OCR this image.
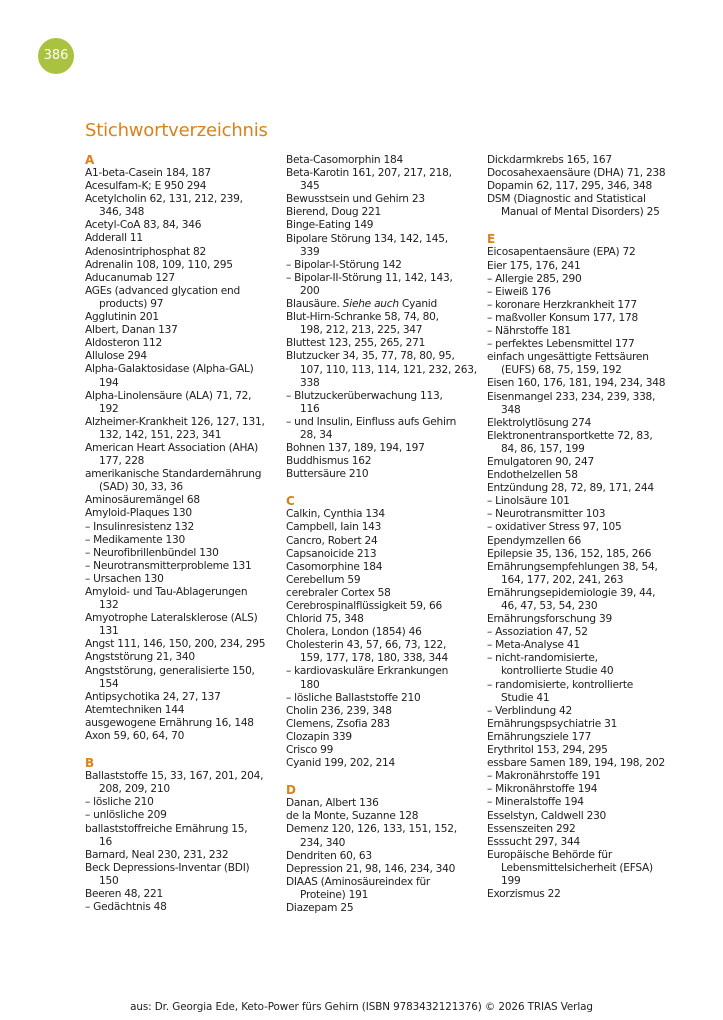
386
Stichwortverzeichnis
A
A1-beta-Casein 184, 187
Acesulfam-K; E 950 294
Acetylcholin 62, 131, 212, 239,
346, 348
Acetyl-CoA 83, 84, 346
Adderall 11
Adenosintriphosphat 82
Adrenalin 108, 109, 110, 295
Aducanumab 127
AGEs (advanced glycation end
products) 97
Agglutinin 201
Albert, Danan 137
Aldosteron 112
Allulose 294
Alpha-Galaktosidase (Alpha-GAL)
194
Alpha-Linolensäure (ALA) 71, 72,
192
Alzheimer-Krankheit 126, 127, 131,
132, 142, 151, 223, 341
American Heart Association (AHA)
177, 228
amerikanische Standardernährung
(SAD) 30, 33, 36
Aminosäuremängel 68
Amyloid-Plaques 130
– Insulinresistenz 132
– Medikamente 130
– Neurofibrillenbündel 130
– Neurotransmitterprobleme 131
– Ursachen 130
Amyloid- und Tau-Ablagerungen
132
Amyotrophe Lateralsklerose (ALS)
131
Angst 111, 146, 150, 200, 234, 295
Angststörung 21, 340
Angststörung, generalisierte 150,
154
Antipsychotika 24, 27, 137
Atemtechniken 144
ausgewogene Ernährung 16, 148
Axon 59, 60, 64, 70
B
Ballaststoffe 15, 33, 167, 201, 204,
208, 209, 210
– lösliche 210
– unlösliche 209
ballaststoffreiche Ernährung 15,
16
Barnard, Neal 230, 231, 232
Beck Depressions-Inventar (BDI)
150
Beeren 48, 221
– Gedächtnis 48
Beta-Casomorphin 184
Beta-Karotin 161, 207, 217, 218,
345
Bewusstsein und Gehirn 23
Bierend, Doug 221
Binge-Eating 149
Bipolare Störung 134, 142, 145,
339
– Bipolar-I-Störung 142
– Bipolar-II-Störung 11, 142, 143,
200
Blausäure. Siehe auch Cyanid
Blut-Hirn-Schranke 58, 74, 80,
198, 212, 213, 225, 347
Bluttest 123, 255, 265, 271
Blutzucker 34, 35, 77, 78, 80, 95,
107, 110, 113, 114, 121, 232, 263,
338
– Blutzuckerüberwachung 113,
116
– und Insulin, Einfluss aufs Gehirn
28, 34
Bohnen 137, 189, 194, 197
Buddhismus 162
Buttersäure 210
C
Calkin, Cynthia 134
Campbell, Iain 143
Cancro, Robert 24
Capsanoicide 213
Casomorphine 184
Cerebellum 59
cerebraler Cortex 58
Cerebrospinalflüssigkeit 59, 66
Chlorid 75, 348
Cholera, London (1854) 46
Cholesterin 43, 57, 66, 73, 122,
159, 177, 178, 180, 338, 344
– kardiovaskuläre Erkrankungen
180
– lösliche Ballaststoffe 210
Cholin 236, 239, 348
Clemens, Zsofia 283
Clozapin 339
Crisco 99
Cyanid 199, 202, 214
D
Danan, Albert 136
de la Monte, Suzanne 128
Demenz 120, 126, 133, 151, 152,
234, 340
Dendriten 60, 63
Depression 21, 98, 146, 234, 340
DIAAS (Aminosäureindex für
Proteine) 191
Diazepam 25
Dickdarmkrebs 165, 167
Docosahexaensäure (DHA) 71, 238
Dopamin 62, 117, 295, 346, 348
DSM (Diagnostic and Statistical
Manual of Mental Disorders) 25
E
Eicosapentaensäure (EPA) 72
Eier 175, 176, 241
– Allergie 285, 290
– Eiweiß 176
– koronare Herzkrankheit 177
– maßvoller Konsum 177, 178
– Nährstoffe 181
– perfektes Lebensmittel 177
einfach ungesättigte Fettsäuren
(EUFS) 68, 75, 159, 192
Eisen 160, 176, 181, 194, 234, 348
Eisenmangel 233, 234, 239, 338,
348
Elektrolytlösung 274
Elektronentransportkette 72, 83,
84, 86, 157, 199
Emulgatoren 90, 247
Endothelzellen 58
Entzündung 28, 72, 89, 171, 244
– Linolsäure 101
– Neurotransmitter 103
– oxidativer Stress 97, 105
Ependymzellen 66
Epilepsie 35, 136, 152, 185, 266
Ernährungsempfehlungen 38, 54,
164, 177, 202, 241, 263
Ernährungsepidemiologie 39, 44,
46, 47, 53, 54, 230
Ernährungsforschung 39
– Assoziation 47, 52
– Meta-Analyse 41
– nicht-randomisierte,
kontrollierte Studie 40
– randomisierte, kontrollierte
Studie 41
– Verblindung 42
Ernährungspsychiatrie 31
Ernährungsziele 177
Erythritol 153, 294, 295
essbare Samen 189, 194, 198, 202
– Makronährstoffe 191
– Mikronährstoffe 194
– Mineralstoffe 194
Esselstyn, Caldwell 230
Essenszeiten 292
Esssucht 297, 344
Europäische Behörde für
Lebensmittelsicherheit (EFSA)
199
Exorzismus 22
aus: Dr. Georgia Ede, Keto-Power fürs Gehirn (ISBN 9783432121376) © 2026 TRIAS Verlag
